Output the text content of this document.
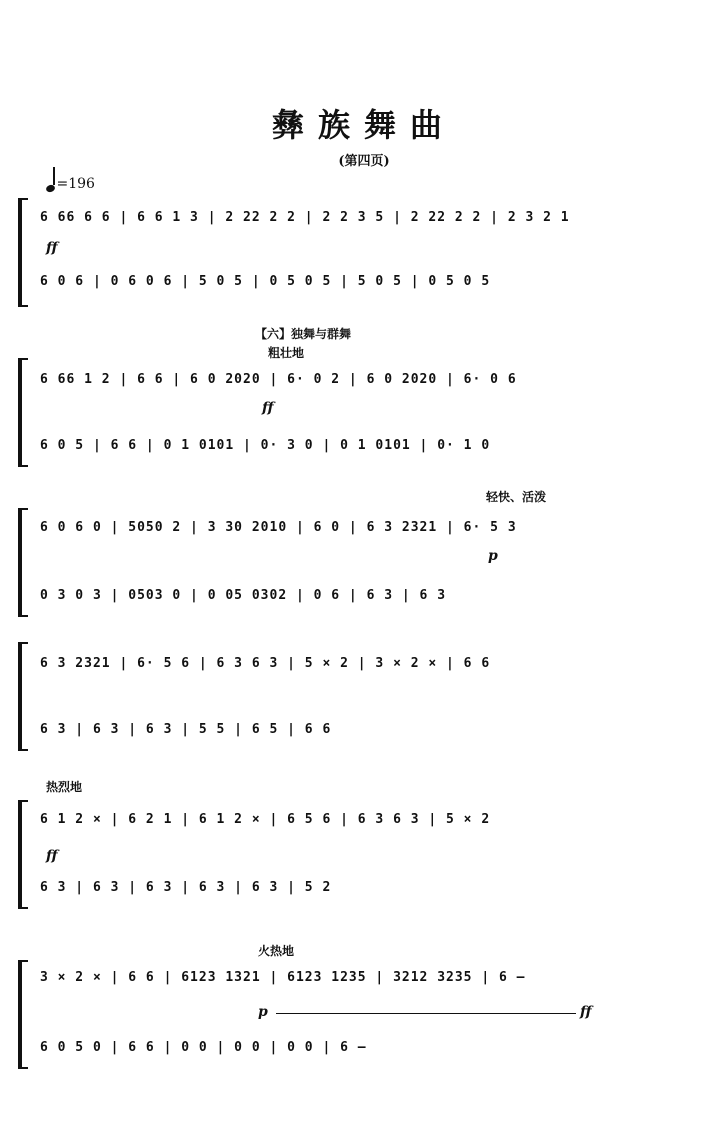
彝族舞曲
(第四页)
=196
6 66 6 6 | 6 6 1 3 | 2 22 2 2 | 2 2 3 5 | 2 22 2 2 | 2 3 2 1
6 0 6 | 0 6 0 6 | 5 0 5 | 0 5 0 5 | 5 0 5 | 0 5 0 5
ff
【六】独舞与群舞
粗壮地
6 66 1 2 | 6 6 | 6 0 2020 | 6· 0 2 | 6 0 2020 | 6· 0 6
6 0 5 | 6 6 | 0 1 0101 | 0· 3 0 | 0 1 0101 | 0· 1 0
ff
轻快、活泼
6 0 6 0 | 5050 2 | 3 30 2010 | 6 0 | 6 3 2321 | 6· 5 3
0 3 0 3 | 0503 0 | 0 05 0302 | 0 6 | 6 3 | 6 3
p
6 3 2321 | 6· 5 6 | 6 3 6 3 | 5 × 2 | 3 × 2 × | 6 6
6 3 | 6 3 | 6 3 | 5 5 | 6 5 | 6 6
热烈地
6 1 2 × | 6 2 1 | 6 1 2 × | 6 5 6 | 6 3 6 3 | 5 × 2
6 3 | 6 3 | 6 3 | 6 3 | 6 3 | 5 2
ff
火热地
3 × 2 × | 6 6 | 6123 1321 | 6123 1235 | 3212 3235 | 6 –
6 0 5 0 | 6 6 | 0 0 | 0 0 | 0 0 | 6 –
p	ff
